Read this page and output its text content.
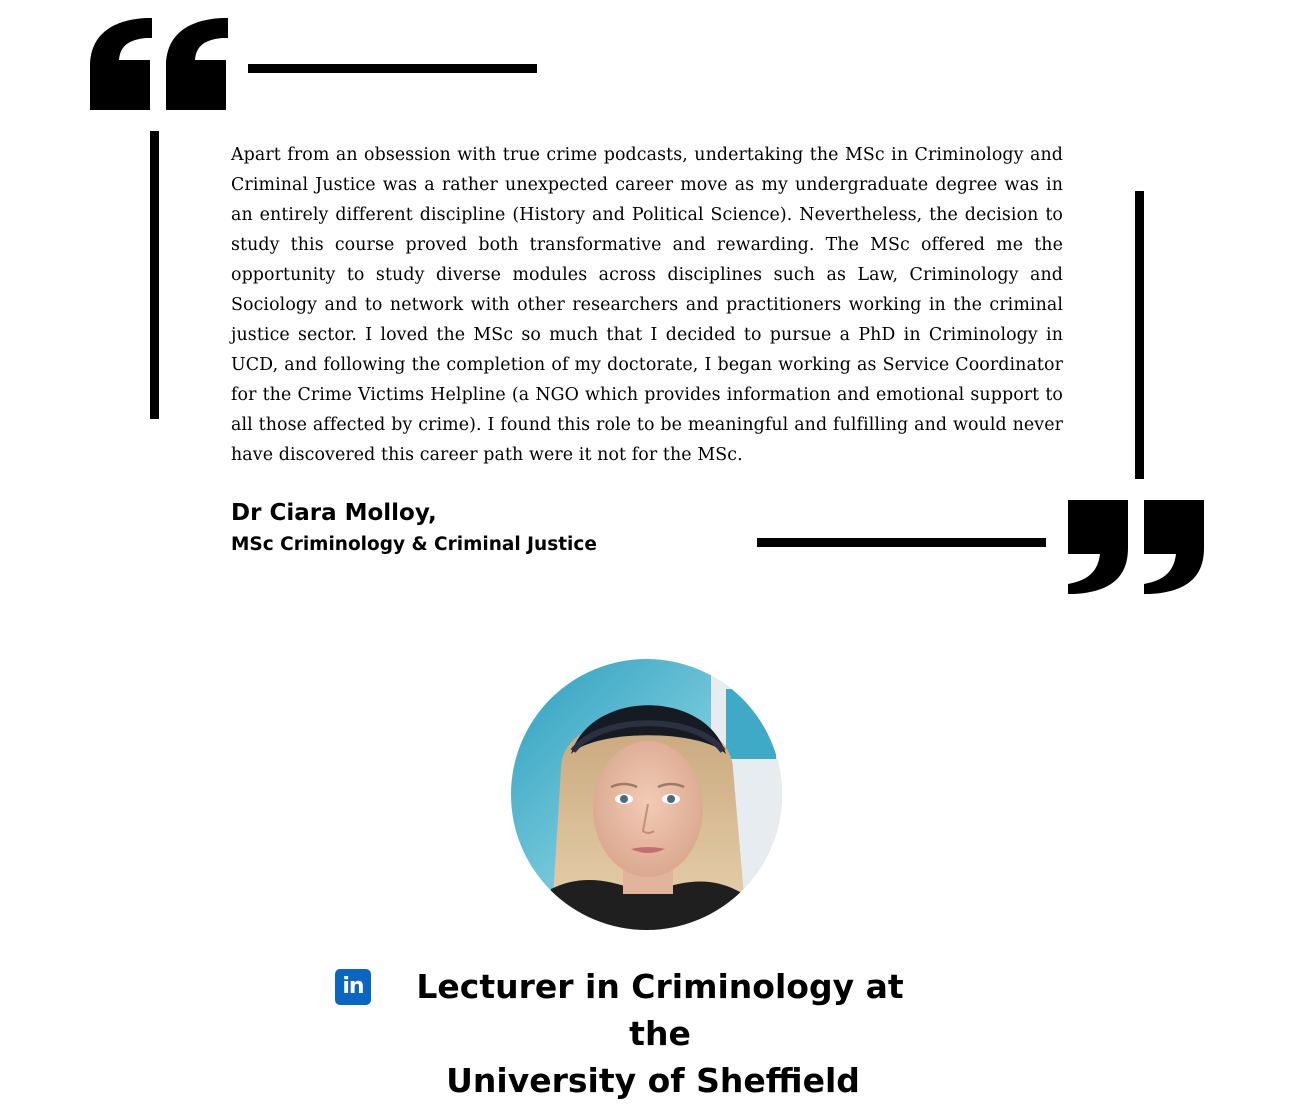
Apart from an obsession with true crime podcasts, undertaking the MSc in Criminology and Criminal Justice was a rather unexpected career move as my undergraduate degree was in an entirely different discipline (History and Political Science). Nevertheless, the decision to study this course proved both transformative and rewarding. The MSc offered me the opportunity to study diverse modules across disciplines such as Law, Criminology and Sociology and to network with other researchers and practitioners working in the criminal justice sector. I loved the MSc so much that I decided to pursue a PhD in Criminology in UCD, and following the completion of my doctorate, I began working as Service Coordinator for the Crime Victims Helpline (a NGO which provides information and emotional support to all those affected by crime). I found this role to be meaningful and fulfilling and would never have discovered this career path were it not for the MSc.

Dr Ciara Molloy,
MSc Criminology & Criminal Justice
in	Lecturer in Criminology at the
University of Sheffield
